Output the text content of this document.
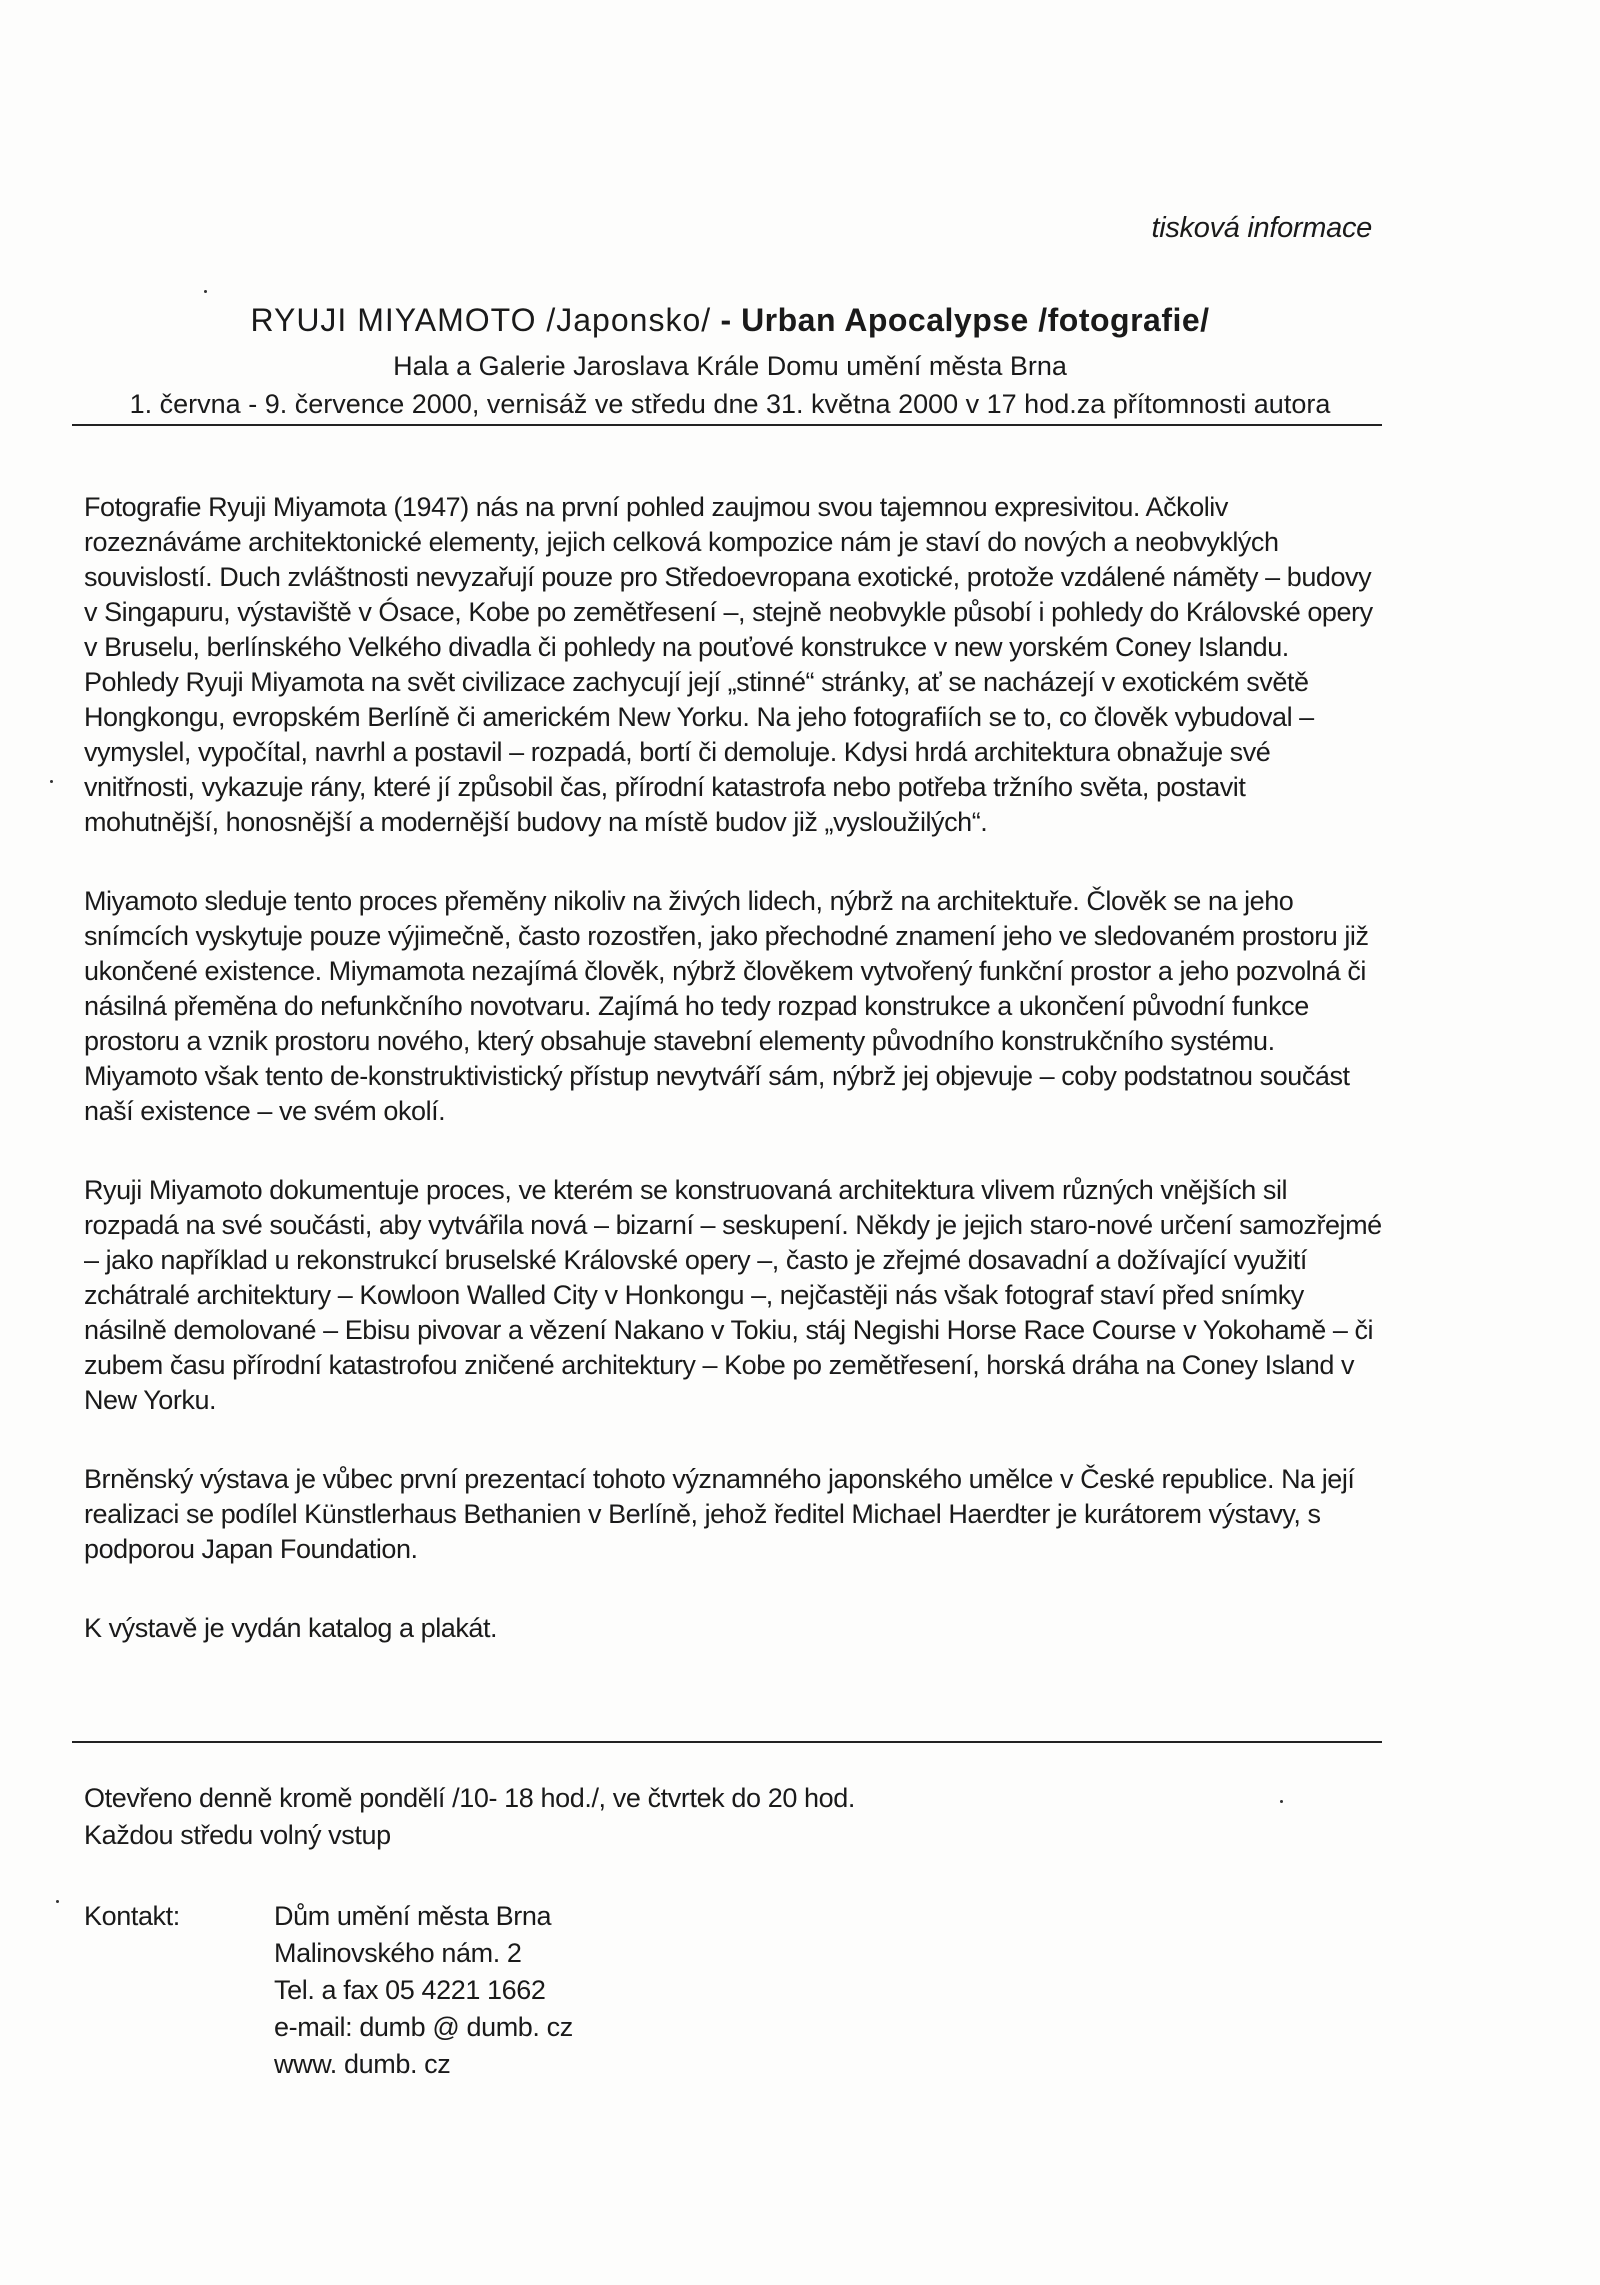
tisková informace
RYUJI MIYAMOTO /Japonsko/ - Urban Apocalypse /fotografie/
Hala a Galerie Jaroslava Krále Domu umění města Brna
1. června - 9. července 2000, vernisáž ve středu dne 31. května 2000 v 17 hod.za přítomnosti autora

Fotografie Ryuji Miyamota (1947) nás na první pohled zaujmou svou tajemnou expresivitou. Ačkoliv rozeznáváme architektonické elementy, jejich celková kompozice nám je staví do nových a neobvyklých souvislostí. Duch zvláštnosti nevyzařují pouze pro Středoevropana exotické, protože vzdálené náměty – budovy v Singapuru, výstaviště v Ósace, Kobe po zemětřesení –, stejně neobvykle působí i pohledy do Královské opery v Bruselu, berlínského Velkého divadla či pohledy na pouťové konstrukce v new yorském Coney Islandu. Pohledy Ryuji Miyamota na svět civilizace zachycují její „stinné“ stránky, ať se nacházejí v exotickém světě Hongkongu, evropském Berlíně či americkém New Yorku. Na jeho fotografiích se to, co člověk vybudoval – vymyslel, vypočítal, navrhl a postavil – rozpadá, bortí či demoluje. Kdysi hrdá architektura obnažuje své vnitřnosti, vykazuje rány, které jí způsobil čas, přírodní katastrofa nebo potřeba tržního světa, postavit mohutnější, honosnější a modernější budovy na místě budov již „vysloužilých“.

Miyamoto sleduje tento proces přeměny nikoliv na živých lidech, nýbrž na architektuře. Člověk se na jeho snímcích vyskytuje pouze výjimečně, často rozostřen, jako přechodné znamení jeho ve sledovaném prostoru již ukončené existence. Miymamota nezajímá člověk, nýbrž člověkem vytvořený funkční prostor a jeho pozvolná či násilná přeměna do nefunkčního novotvaru. Zajímá ho tedy rozpad konstrukce a ukončení původní funkce prostoru a vznik prostoru nového, který obsahuje stavební elementy původního konstrukčního systému. Miyamoto však tento de-konstruktivistický přístup nevytváří sám, nýbrž jej objevuje – coby podstatnou součást naší existence – ve svém okolí.

Ryuji Miyamoto dokumentuje proces, ve kterém se konstruovaná architektura vlivem různých vnějších sil rozpadá na své součásti, aby vytvářila nová – bizarní – seskupení. Někdy je jejich staro-nové určení samozřejmé – jako například u rekonstrukcí bruselské Královské opery –, často je zřejmé dosavadní a dožívající využití zchátralé architektury – Kowloon Walled City v Honkongu –, nejčastěji nás však fotograf staví před snímky násilně demolované – Ebisu pivovar a vězení Nakano v Tokiu, stáj Negishi Horse Race Course v Yokohamě – či zubem času přírodní katastrofou zničené architektury – Kobe po zemětřesení, horská dráha na Coney Island v New Yorku.

Brněnský výstava je vůbec první prezentací tohoto významného japonského umělce v České republice. Na její realizaci se podílel Künstlerhaus Bethanien v Berlíně, jehož ředitel Michael Haerdter je kurátorem výstavy, s podporou Japan Foundation.

K výstavě je vydán katalog a plakát.

Otevřeno denně kromě pondělí /10- 18 hod./, ve čtvrtek do 20 hod.

Každou středu volný vstup

Kontakt:	Dům umění města Brna
Malinovského nám. 2
Tel. a fax 05 4221 1662
e-mail: dumb @ dumb. cz
www. dumb. cz
